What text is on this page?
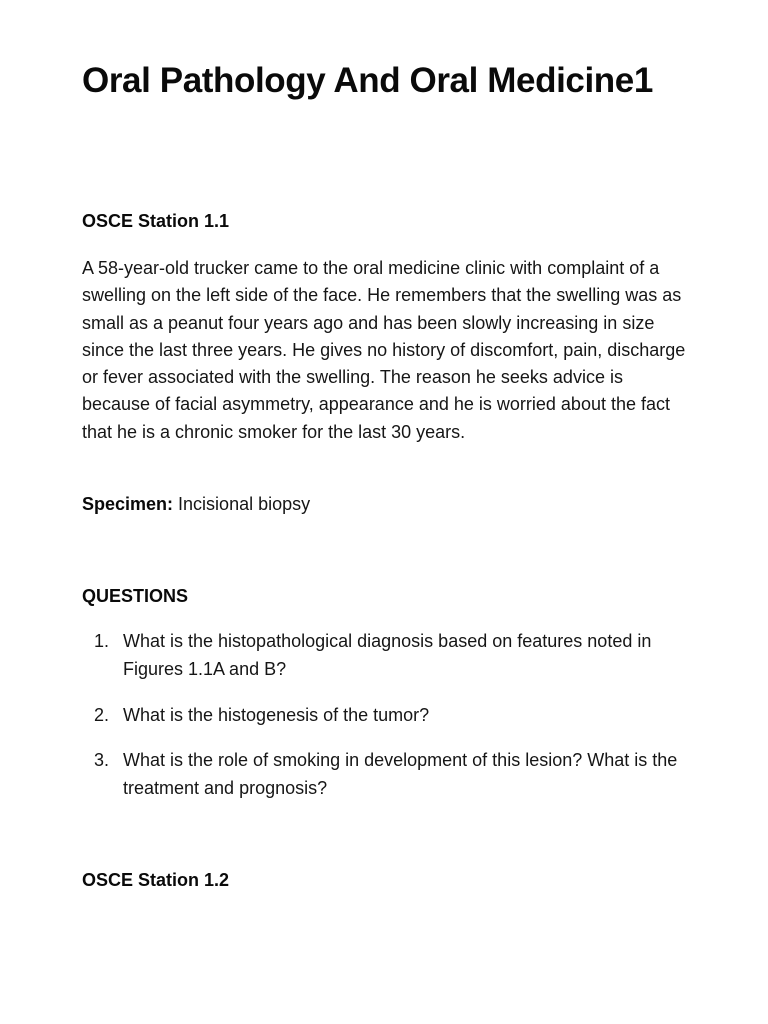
Oral Pathology And Oral Medicine1
OSCE Station 1.1

A 58-year-old trucker came to the oral medicine clinic with complaint of a swelling on the left side of the face. He remembers that the swelling was as small as a peanut four years ago and has been slowly increasing in size since the last three years. He gives no history of discomfort, pain, discharge or fever associated with the swelling. The reason he seeks advice is because of facial asymmetry, appearance and he is worried about the fact that he is a chronic smoker for the last 30 years.

Specimen: Incisional biopsy

QUESTIONS
1. What is the histopathological diagnosis based on features noted in Figures 1.1A and B?
2. What is the histogenesis of the tumor?
3. What is the role of smoking in development of this lesion? What is the treatment and prognosis?
OSCE Station 1.2
